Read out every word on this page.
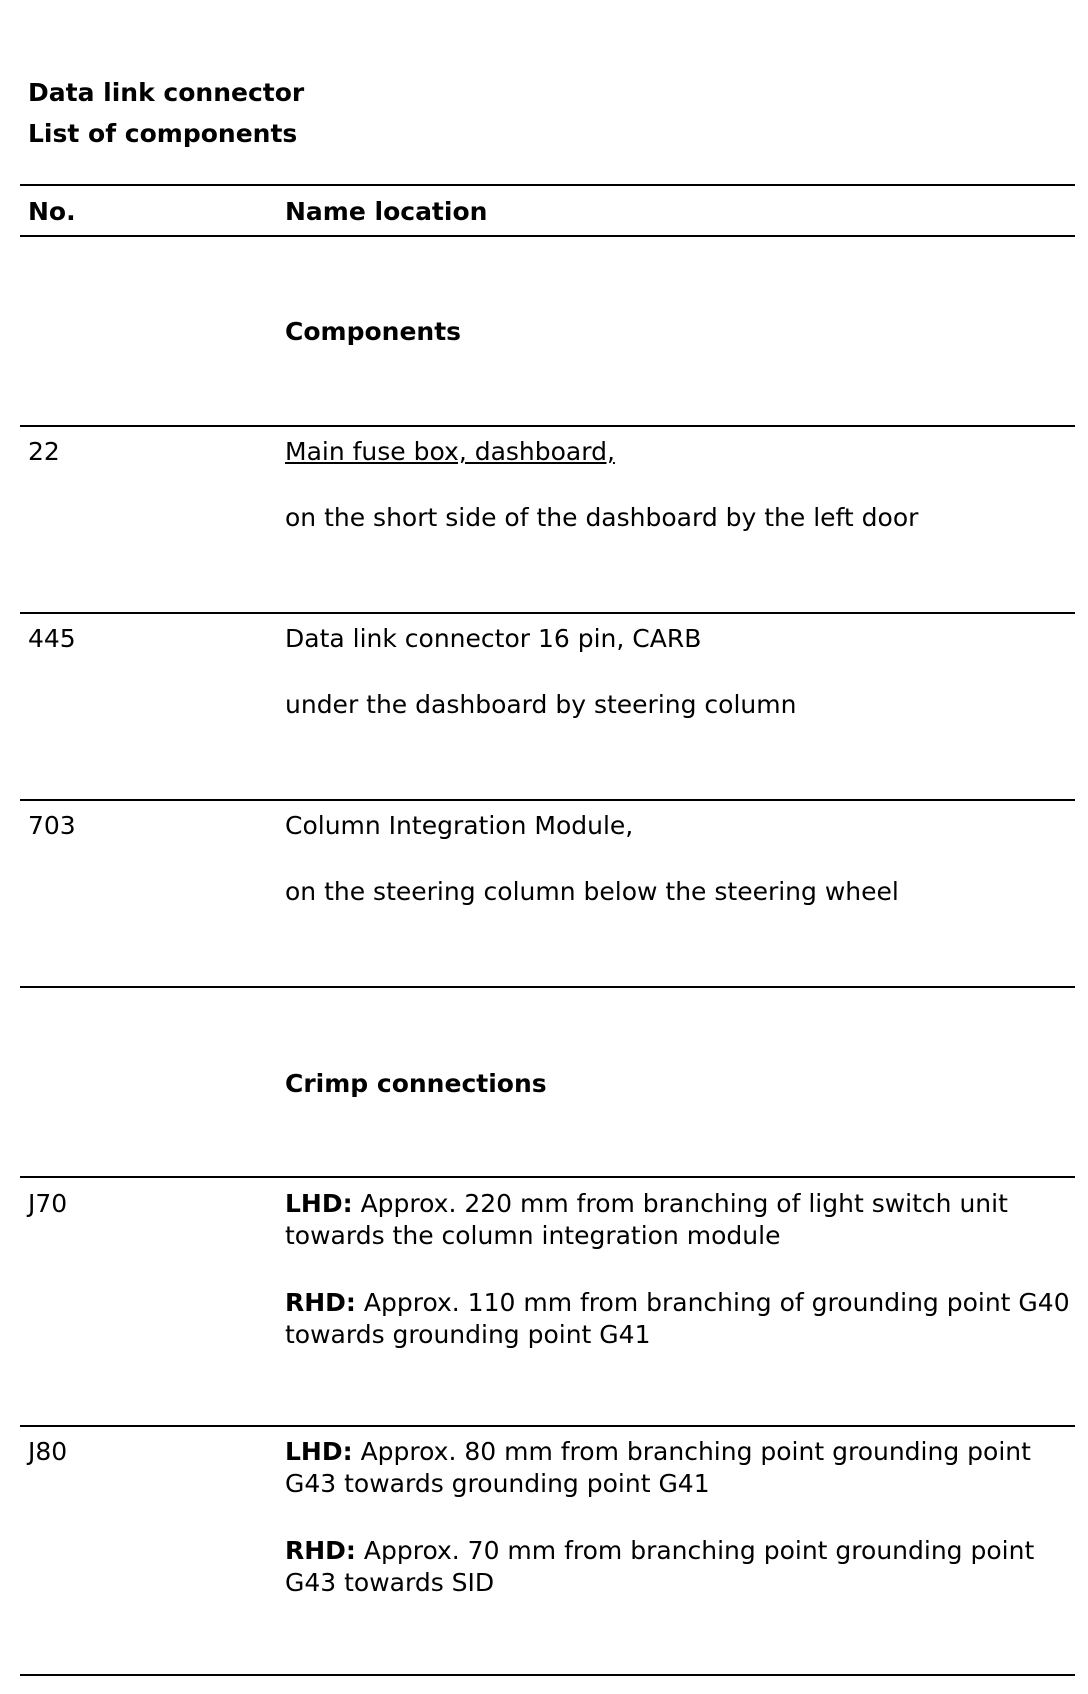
Data link connector
List of components
No.	Name location
Components
22	Main fuse box, dashboard,
on the short side of the dashboard by the left door
445	Data link connector 16 pin, CARB
under the dashboard by steering column
703	Column Integration Module,
on the steering column below the steering wheel
Crimp connections
J70	LHD: Approx. 220 mm from branching of light switch unit towards the column integration module
RHD: Approx. 110 mm from branching of grounding point G40 towards grounding point G41
J80	LHD: Approx. 80 mm from branching point grounding point G43 towards grounding point G41
RHD: Approx. 70 mm from branching point grounding point G43 towards SID
